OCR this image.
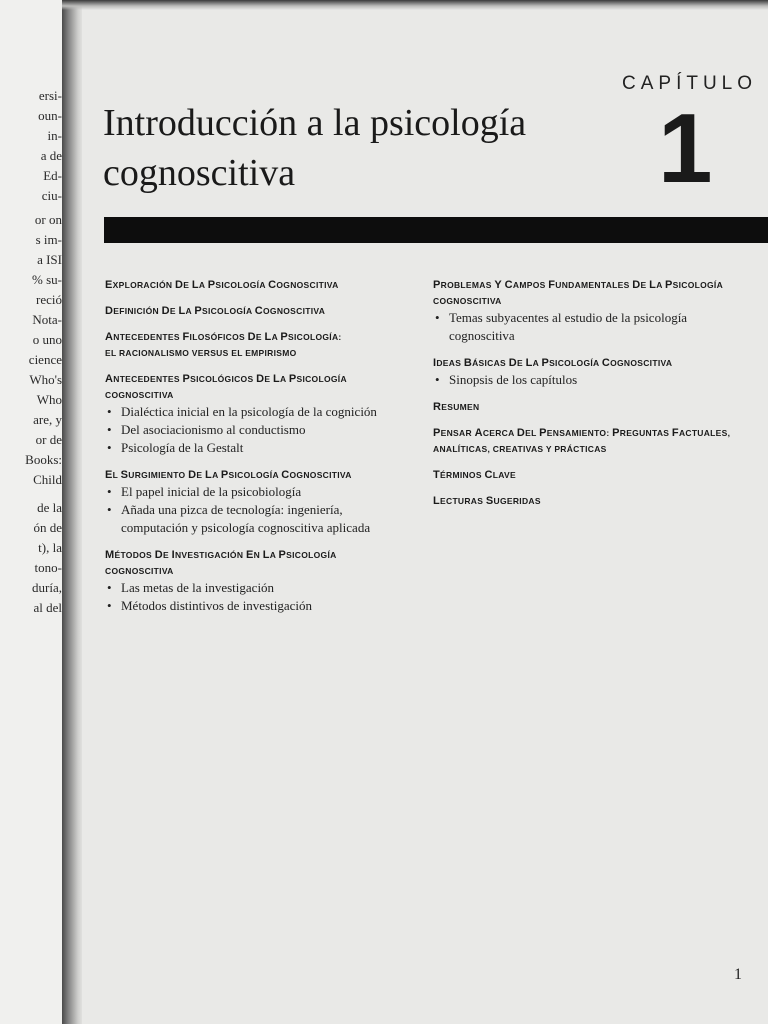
ersi-
oun-
in-
a de
Ed-
ciu-
or on
s im-
a ISI
% su-
reció
Nota-
o uno
cience
Who's
Who
are, y
or de
Books:
Child
de la
ón de
t), la
tono-
duría,
al del
CAPÍTULO
1
Introducción a la psicología
cognoscitiva

EXPLORACIÓN DE LA PSICOLOGÍA COGNOSCITIVA

DEFINICIÓN DE LA PSICOLOGÍA COGNOSCITIVA

ANTECEDENTES FILOSÓFICOS DE LA PSICOLOGÍA:

EL RACIONALISMO VERSUS EL EMPIRISMO

ANTECEDENTES PSICOLÓGICOS DE LA PSICOLOGÍA

COGNOSCITIVA

• Dialéctica inicial en la psicología de la cognición
• Del asociacionismo al conductismo
• Psicología de la Gestalt

EL SURGIMIENTO DE LA PSICOLOGÍA COGNOSCITIVA

• El papel inicial de la psicobiología
• Añada una pizca de tecnología: ingeniería, computación y psicología cognoscitiva aplicada

MÉTODOS DE INVESTIGACIÓN EN LA PSICOLOGÍA

COGNOSCITIVA

• Las metas de la investigación
• Métodos distintivos de investigación

PROBLEMAS Y CAMPOS FUNDAMENTALES DE LA PSICOLOGÍA

COGNOSCITIVA

• Temas subyacentes al estudio de la psicología cognoscitiva

IDEAS BÁSICAS DE LA PSICOLOGÍA COGNOSCITIVA

• Sinopsis de los capítulos

RESUMEN

PENSAR ACERCA DEL PENSAMIENTO: PREGUNTAS FACTUALES,

ANALÍTICAS, CREATIVAS Y PRÁCTICAS

TÉRMINOS CLAVE

LECTURAS SUGERIDAS

1
